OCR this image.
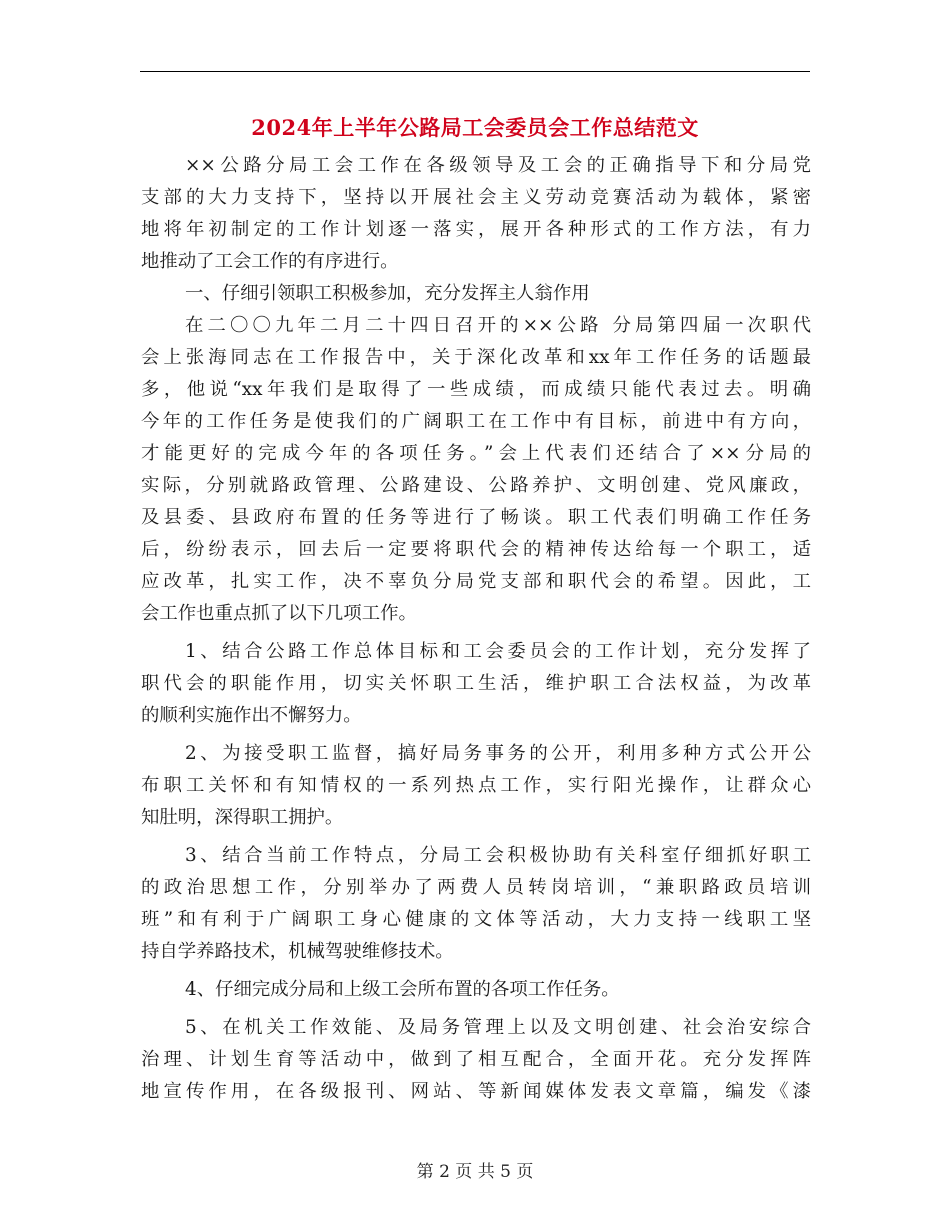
2024年上半年公路局工会委员会工作总结范文
××公路分局工会工作在各级领导及工会的正确指导下和分局党
支部的大力支持下，坚持以开展社会主义劳动竞赛活动为载体，紧密
地将年初制定的工作计划逐一落实，展开各种形式的工作方法，有力
地推动了工会工作的有序进行。
一、仔细引领职工积极参加，充分发挥主人翁作用
在二〇〇九年二月二十四日召开的××公路 分局第四届一次职代
会上张海同志在工作报告中，关于深化改革和xx年工作任务的话题最
多，他说“xx年我们是取得了一些成绩，而成绩只能代表过去。明确
今年的工作任务是使我们的广阔职工在工作中有目标，前进中有方向，
才能更好的完成今年的各项任务。”会上代表们还结合了××分局的
实际，分别就路政管理、公路建设、公路养护、文明创建、党风廉政，
及县委、县政府布置的任务等进行了畅谈。职工代表们明确工作任务
后，纷纷表示，回去后一定要将职代会的精神传达给每一个职工，适
应改革，扎实工作，决不辜负分局党支部和职代会的希望。因此，工
会工作也重点抓了以下几项工作。
1、结合公路工作总体目标和工会委员会的工作计划，充分发挥了
职代会的职能作用，切实关怀职工生活，维护职工合法权益，为改革
的顺利实施作出不懈努力。
2、为接受职工监督，搞好局务事务的公开，利用多种方式公开公
布职工关怀和有知情权的一系列热点工作，实行阳光操作，让群众心
知肚明，深得职工拥护。
3、结合当前工作特点，分局工会积极协助有关科室仔细抓好职工
的政治思想工作，分别举办了两费人员转岗培训，“兼职路政员培训
班”和有利于广阔职工身心健康的文体等活动，大力支持一线职工坚
持自学养路技术，机械驾驶维修技术。
4、仔细完成分局和上级工会所布置的各项工作任务。
5、在机关工作效能、及局务管理上以及文明创建、社会治安综合
治理、计划生育等活动中，做到了相互配合，全面开花。充分发挥阵
地宣传作用，在各级报刊、网站、等新闻媒体发表文章篇，编发《漆
第 2 页 共 5 页
